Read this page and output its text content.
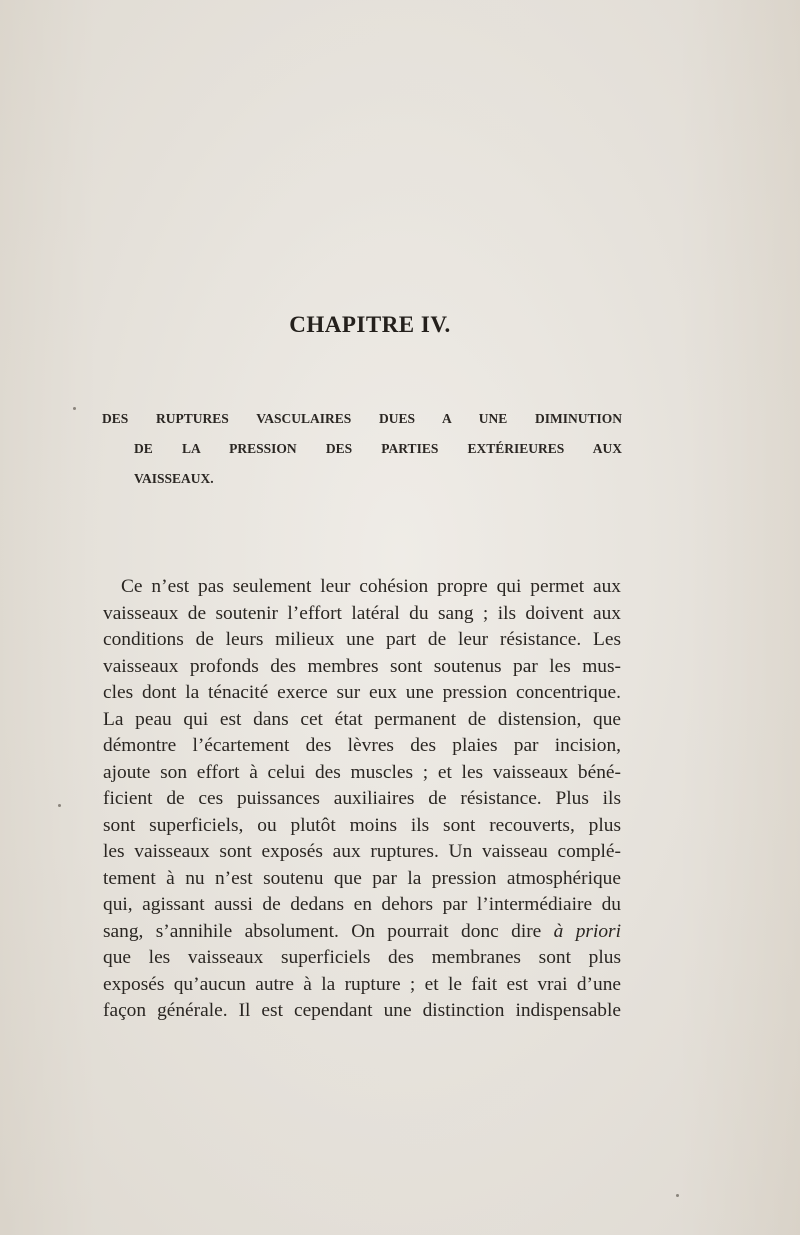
CHAPITRE IV.
DES RUPTURES VASCULAIRES DUES A UNE DIMINUTION
DE LA PRESSION DES PARTIES EXTÉRIEURES AUX
VAISSEAUX.
Ce n’est pas seulement leur cohésion propre qui permet aux
vaisseaux de soutenir l’effort latéral du sang ; ils doivent aux
conditions de leurs milieux une part de leur résistance. Les
vaisseaux profonds des membres sont soutenus par les mus-
cles dont la ténacité exerce sur eux une pression concentrique.
La peau qui est dans cet état permanent de distension, que
démontre l’écartement des lèvres des plaies par incision,
ajoute son effort à celui des muscles ; et les vaisseaux béné-
ficient de ces puissances auxiliaires de résistance. Plus ils
sont superficiels, ou plutôt moins ils sont recouverts, plus
les vaisseaux sont exposés aux ruptures. Un vaisseau complé-
tement à nu n’est soutenu que par la pression atmosphérique
qui, agissant aussi de dedans en dehors par l’intermédiaire du
sang, s’annihile absolument. On pourrait donc dire à priori
que les vaisseaux superficiels des membranes sont plus
exposés qu’aucun autre à la rupture ; et le fait est vrai d’une
façon générale. Il est cependant une distinction indispensable
